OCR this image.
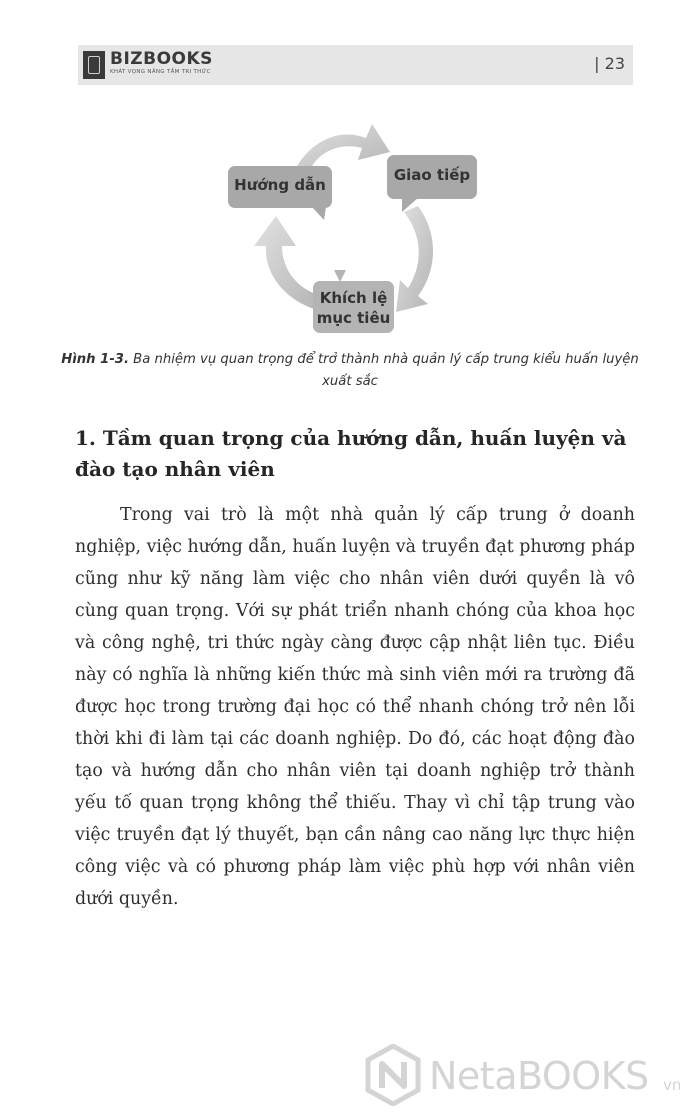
BIZBOOKS
KHÁT VỌNG NÂNG TẦM TRI THỨC	| 23
Hướng dẫn
Giao tiếp
Khích lệ
mục tiêu
Hình 1-3. Ba nhiệm vụ quan trọng để trở thành nhà quản lý cấp trung kiểu huấn luyện xuất sắc
1. Tầm quan trọng của hướng dẫn, huấn luyện và đào tạo nhân viên

Trong vai trò là một nhà quản lý cấp trung ở doanh nghiệp, việc hướng dẫn, huấn luyện và truyền đạt phương pháp cũng như kỹ năng làm việc cho nhân viên dưới quyền là vô cùng quan trọng. Với sự phát triển nhanh chóng của khoa học và công nghệ, tri thức ngày càng được cập nhật liên tục. Điều này có nghĩa là những kiến thức mà sinh viên mới ra trường đã được học trong trường đại học có thể nhanh chóng trở nên lỗi thời khi đi làm tại các doanh nghiệp. Do đó, các hoạt động đào tạo và hướng dẫn cho nhân viên tại doanh nghiệp trở thành yếu tố quan trọng không thể thiếu. Thay vì chỉ tập trung vào việc truyền đạt lý thuyết, bạn cần nâng cao năng lực thực hiện công việc và có phương pháp làm việc phù hợp với nhân viên dưới quyền.

NetaBOOKS vn
